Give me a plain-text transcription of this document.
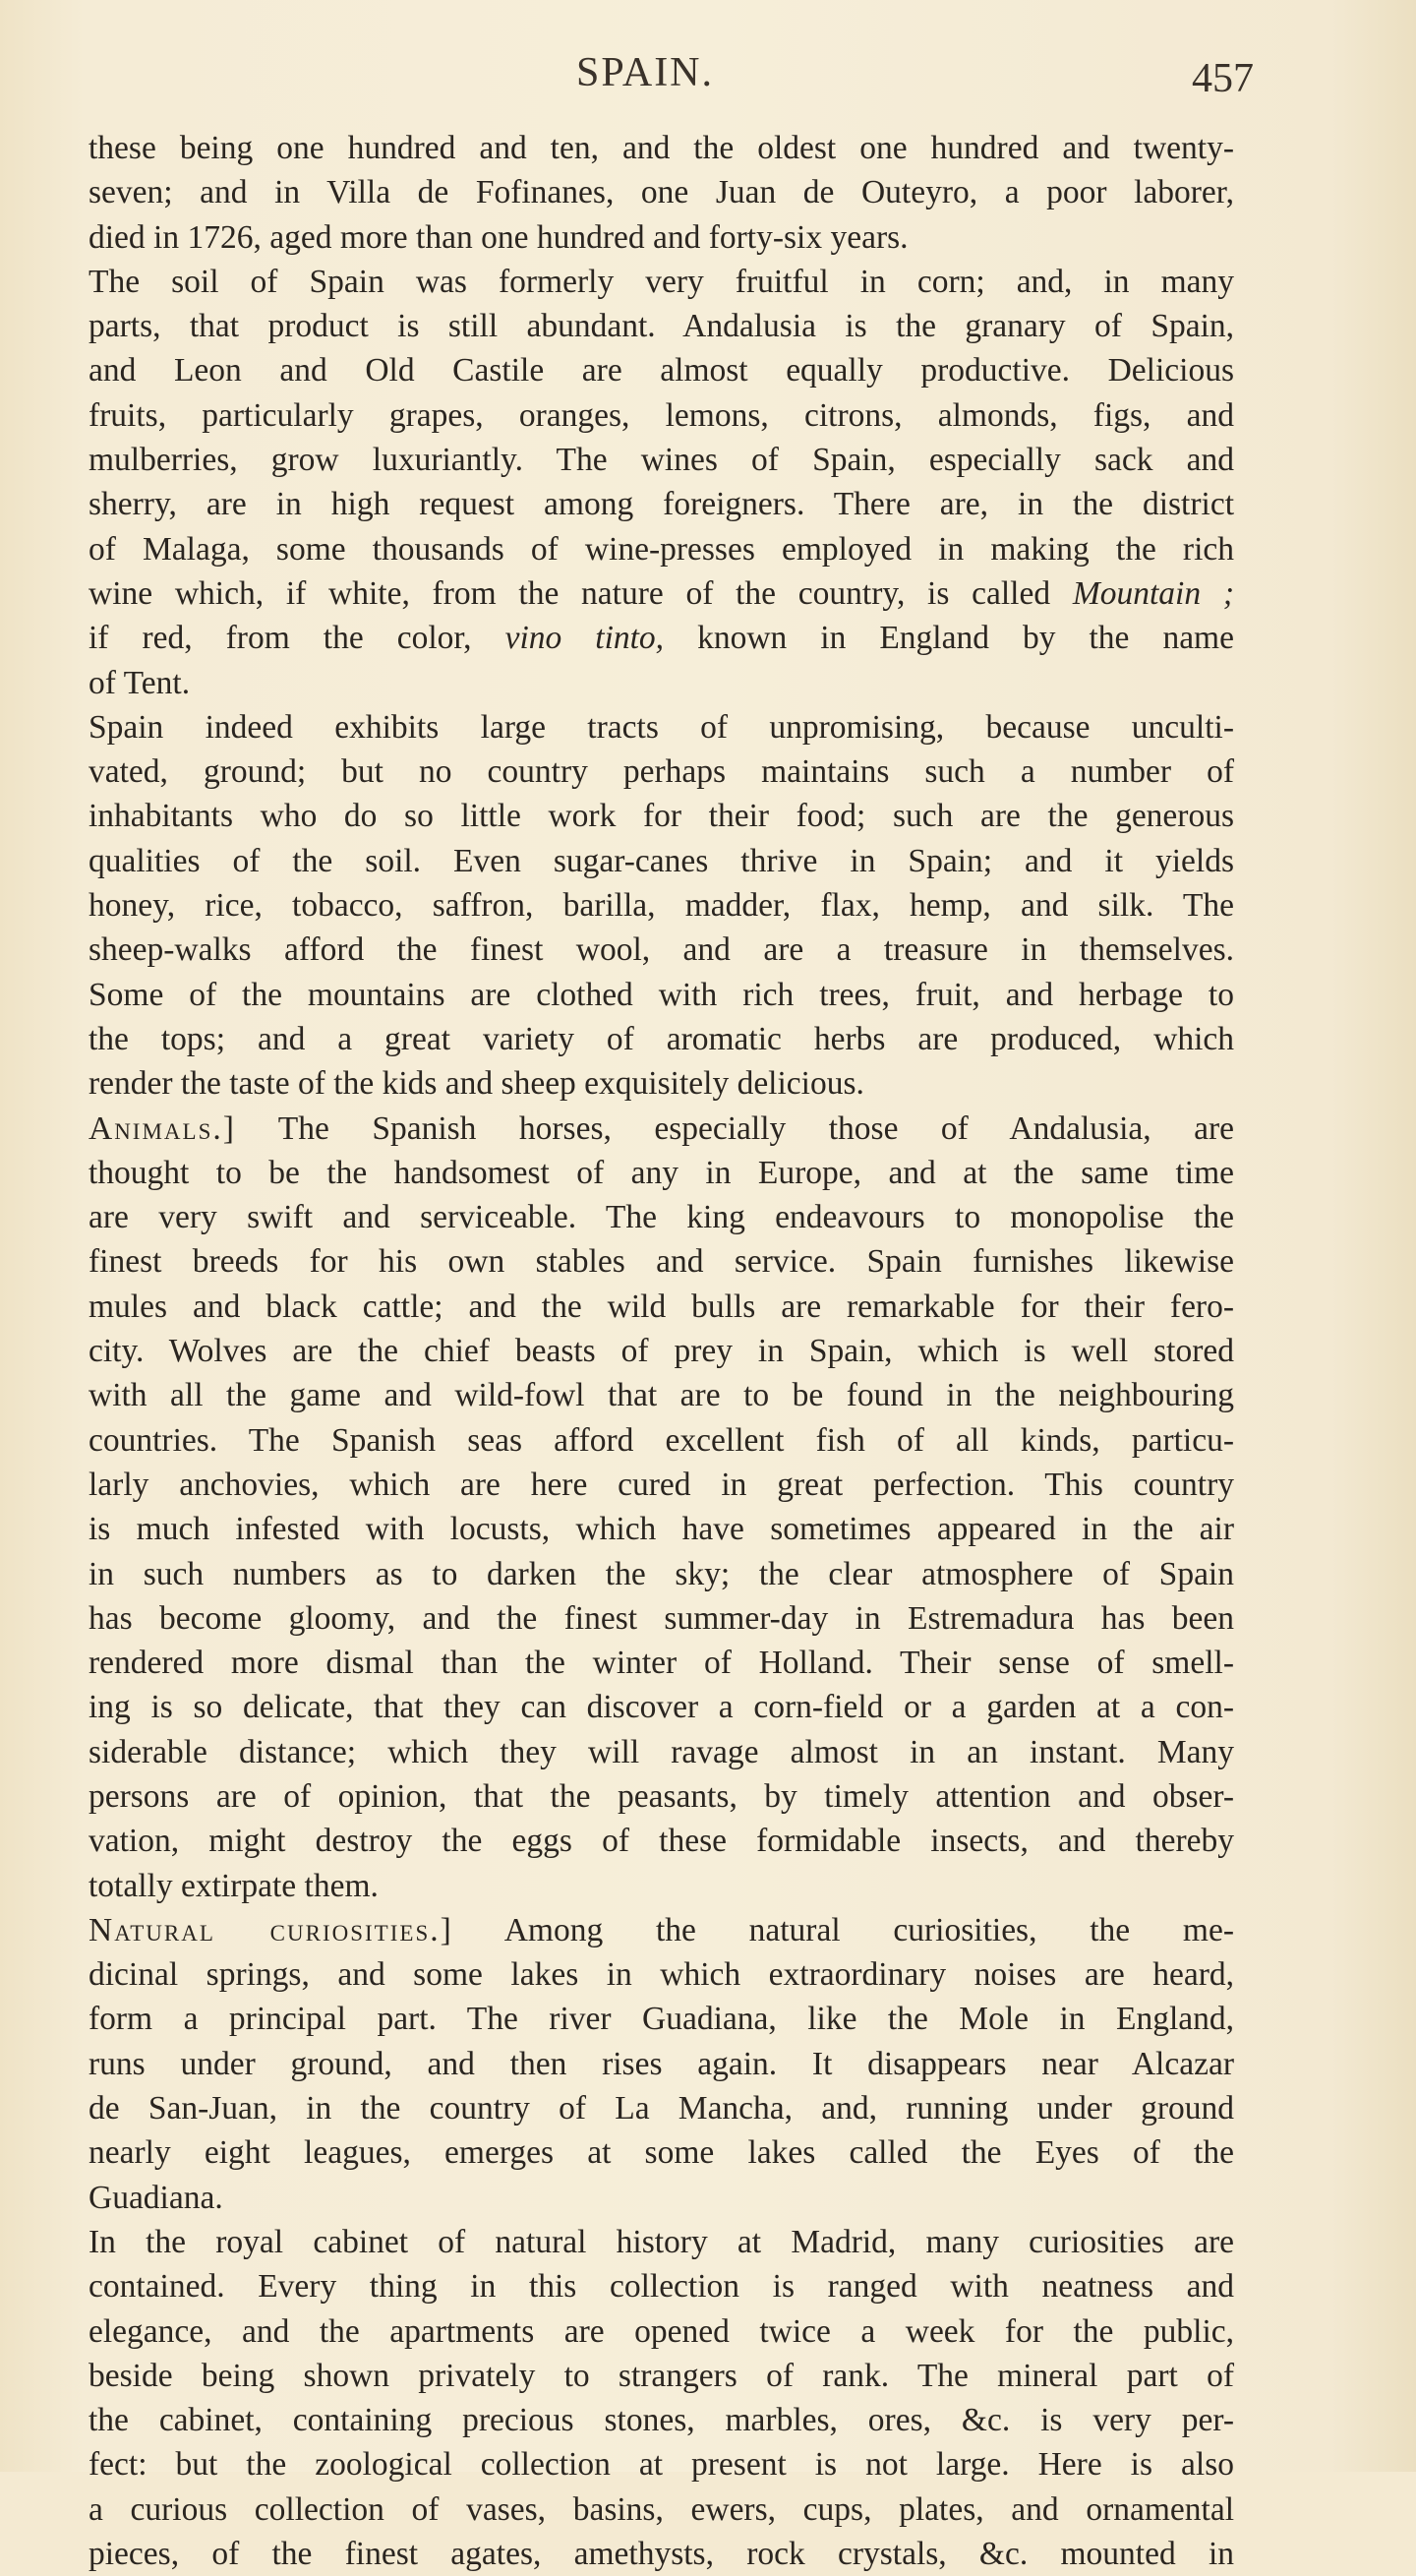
SPAIN.	457

these being one hundred and ten, and the oldest one hundred and twenty-
seven; and in Villa de Fofinanes, one Juan de Outeyro, a poor laborer,
died in 1726, aged more than one hundred and forty-six years.

The soil of Spain was formerly very fruitful in corn; and, in many
parts, that product is still abundant. Andalusia is the granary of Spain,
and Leon and Old Castile are almost equally productive. Delicious
fruits, particularly grapes, oranges, lemons, citrons, almonds, figs, and
mulberries, grow luxuriantly. The wines of Spain, especially sack and
sherry, are in high request among foreigners. There are, in the district
of Malaga, some thousands of wine-presses employed in making the rich
wine which, if white, from the nature of the country, is called Mountain ;
if red, from the color, vino tinto, known in England by the name
of Tent.

Spain indeed exhibits large tracts of unpromising, because unculti-
vated, ground; but no country perhaps maintains such a number of
inhabitants who do so little work for their food; such are the generous
qualities of the soil. Even sugar-canes thrive in Spain; and it yields
honey, rice, tobacco, saffron, barilla, madder, flax, hemp, and silk. The
sheep-walks afford the finest wool, and are a treasure in themselves.
Some of the mountains are clothed with rich trees, fruit, and herbage to
the tops; and a great variety of aromatic herbs are produced, which
render the taste of the kids and sheep exquisitely delicious.

Animals.] The Spanish horses, especially those of Andalusia, are
thought to be the handsomest of any in Europe, and at the same time
are very swift and serviceable. The king endeavours to monopolise the
finest breeds for his own stables and service. Spain furnishes likewise
mules and black cattle; and the wild bulls are remarkable for their fero-
city. Wolves are the chief beasts of prey in Spain, which is well stored
with all the game and wild-fowl that are to be found in the neighbouring
countries. The Spanish seas afford excellent fish of all kinds, particu-
larly anchovies, which are here cured in great perfection. This country
is much infested with locusts, which have sometimes appeared in the air
in such numbers as to darken the sky; the clear atmosphere of Spain
has become gloomy, and the finest summer-day in Estremadura has been
rendered more dismal than the winter of Holland. Their sense of smell-
ing is so delicate, that they can discover a corn-field or a garden at a con-
siderable distance; which they will ravage almost in an instant. Many
persons are of opinion, that the peasants, by timely attention and obser-
vation, might destroy the eggs of these formidable insects, and thereby
totally extirpate them.

Natural curiosities.] Among the natural curiosities, the me-
dicinal springs, and some lakes in which extraordinary noises are heard,
form a principal part. The river Guadiana, like the Mole in England,
runs under ground, and then rises again. It disappears near Alcazar
de San-Juan, in the country of La Mancha, and, running under ground
nearly eight leagues, emerges at some lakes called the Eyes of the
Guadiana.

In the royal cabinet of natural history at Madrid, many curiosities are
contained. Every thing in this collection is ranged with neatness and
elegance, and the apartments are opened twice a week for the public,
beside being shown privately to strangers of rank. The mineral part of
the cabinet, containing precious stones, marbles, ores, &c. is very per-
fect: but the zoological collection at present is not large. Here is also
a curious collection of vases, basins, ewers, cups, plates, and ornamental
pieces, of the finest agates, amethysts, rock crystals, &c. mounted in
